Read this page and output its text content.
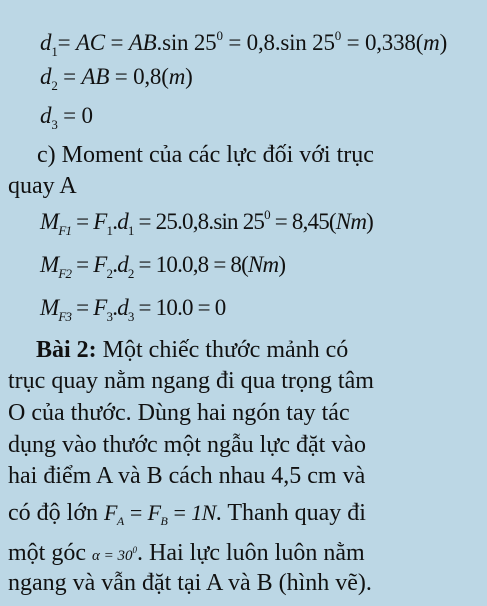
$d_1=$ AC = AB.sin $25^0 = 0,8.\sin$ $25^0 = 0,338(m)$
$d_2$ = AB = 0,8(m)
$d_3 = 0$
c) Moment của các lực đối với trục
quay A
$M_{F1} = F_1.d_1 = 25.0,8.\sin$ $25^0 = 8,45(Nm)$
$M_{F2} = F_2.d_2 = 10.0,8 = 8(Nm)$
$M_{F3} = F_3.d_3 = 10.0 = 0$
Bài 2: Một chiếc thước mảnh có
trục quay nằm ngang đi qua trọng tâm
O của thước. Dùng hai ngón tay tác
dụng vào thước một ngẫu lực đặt vào
hai điểm A và B cách nhau 4,5 cm và
có độ lớn $F_A = F_B = 1N$. Thanh quay đi
một góc $\alpha = 30^0$. Hai lực luôn luôn nằm
ngang và vẫn đặt tại A và B (hình vẽ).
